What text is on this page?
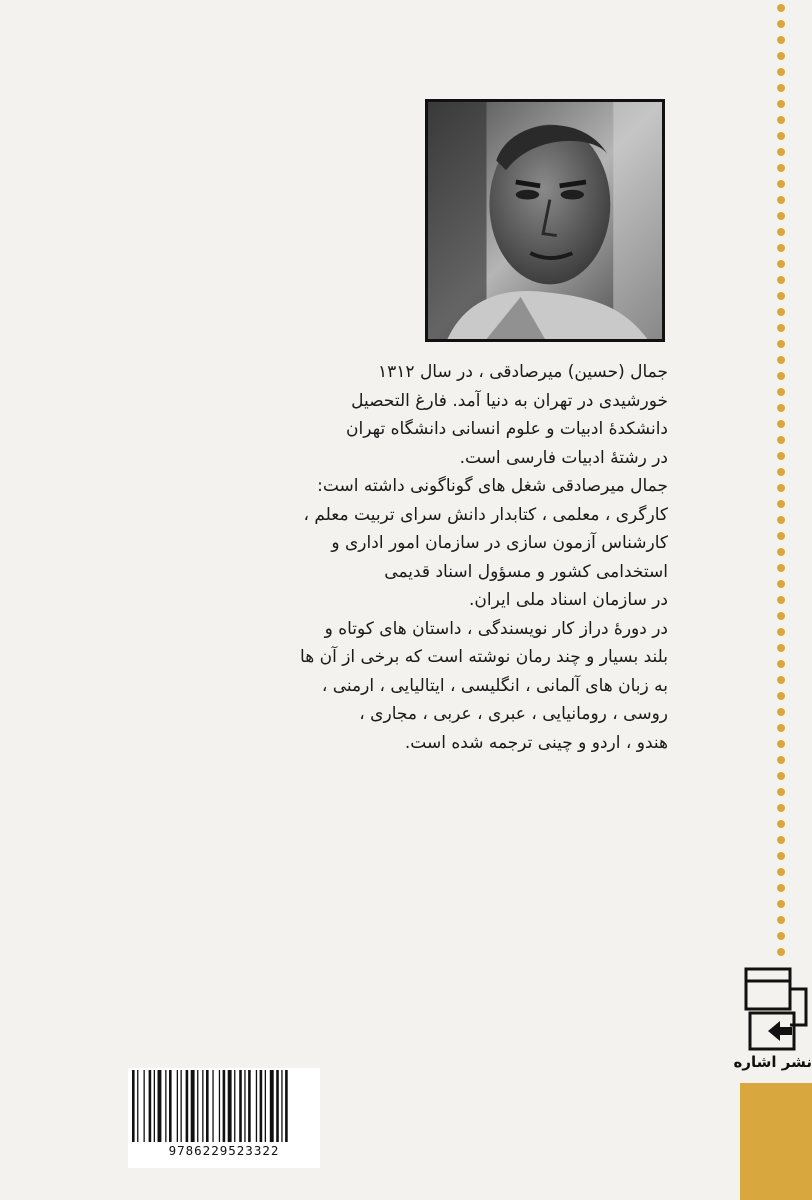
جمال (حسین) میرصادقی ، در سال ۱۳۱۲
خورشیدی در تهران به دنیا آمد. فارغ التحصیل
دانشکدۀ ادبیات و علوم انسانی دانشگاه تهران
در رشتۀ ادبیات فارسی است.
جمال میرصادقی شغل های گوناگونی داشته است:
کارگری ، معلمی ، کتابدار دانش سرای تربیت معلم ،
کارشناس آزمون سازی در سازمان امور اداری و
استخدامی کشور و مسؤول اسناد قدیمی
در سازمان اسناد ملی ایران.
در دورۀ دراز کار نویسندگی ، داستان های کوتاه و
بلند بسیار و چند رمان نوشته است که برخی از آن ها
به زبان های آلمانی ، انگلیسی ، ایتالیایی ، ارمنی ،
روسی ، رومانیایی ، عبری ، عربی ، مجاری ،
هندو ، اردو و چینی ترجمه شده است.
9786229523322
نشر اشاره
